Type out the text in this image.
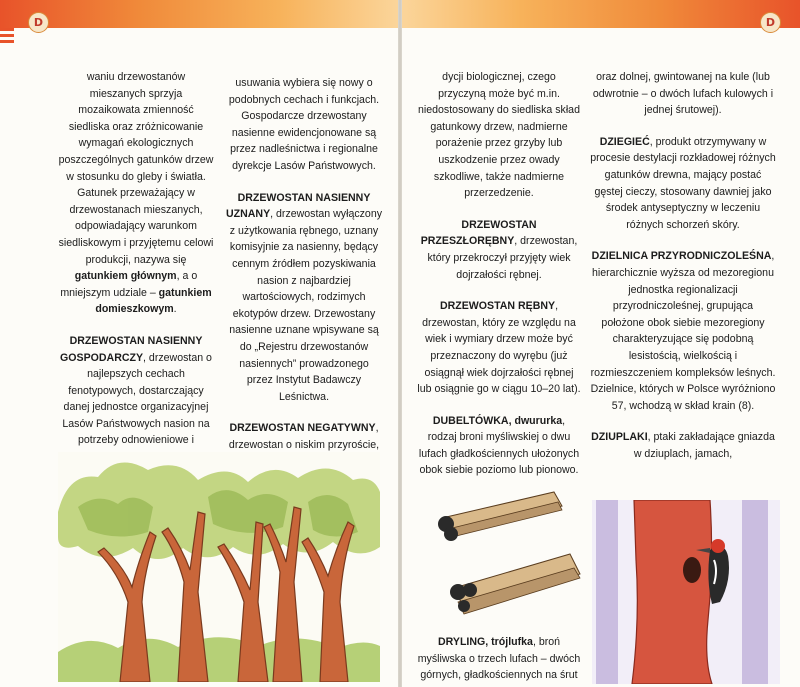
D

waniu drzewostanów mieszanych sprzyja mozaikowata zmienność siedliska oraz zróżnicowanie wymagań ekologicznych poszczególnych gatunków drzew w stosunku do gleby i światła. Gatunek przeważający w drzewostanach mieszanych, odpowiadający warunkom siedliskowym i przyjętemu celowi produkcji, nazywa się gatunkiem głównym, a o mniejszym udziale – gatunkiem domieszkowym.

DRZEWOSTAN NASIENNY GOSPODARCZY, drzewostan o najlepszych cechach fenotypowych, dostarczający danej jednostce organizacyjnej Lasów Państwowych nasion na potrzeby odnowieniowe i

usuwania wybiera się nowy o podobnych cechach i funkcjach. Gospodarcze drzewostany nasienne ewidencjonowane są przez nadleśnictwa i regionalne dyrekcje Lasów Państwowych.

DRZEWOSTAN NASIENNY UZNANY, drzewostan wyłączony z użytkowania rębnego, uznany komisyjnie za nasienny, będący cennym źródłem pozyskiwania nasion z najbardziej wartościowych, rodzimych ekotypów drzew. Drzewostany nasienne uznane wpisywane są do „Rejestru drzewostanów nasiennych” prowadzonego przez Instytut Badawczy Leśnictwa.

DRZEWOSTAN NEGATYWNY, drzewostan o niskim przyroście,

D

dycji biologicznej, czego przyczyną może być m.in. niedostosowany do siedliska skład gatunkowy drzew, nadmierne porażenie przez grzyby lub uszkodzenie przez owady szkodliwe, także nadmierne przerzedzenie.

DRZEWOSTAN PRZESZŁORĘBNY, drzewostan, który przekroczył przyjęty wiek dojrzałości rębnej.

DRZEWOSTAN RĘBNY, drzewostan, który ze względu na wiek i wymiary drzew może być przeznaczony do wyrębu (już osiągnął wiek dojrzałości rębnej lub osiągnie go w ciągu 10–20 lat).

DUBELTÓWKA, dwururka, rodzaj broni myśliwskiej o dwu lufach gładkościennych ułożonych obok siebie poziomo lub pionowo.

DRYLING, trójlufka, broń myśliwska o trzech lufach – dwóch górnych, gładkościennych na śrut

oraz dolnej, gwintowanej na kule (lub odwrotnie – o dwóch lufach kulowych i jednej śrutowej).

DZIEGIEĆ, produkt otrzymywany w procesie destylacji rozkładowej różnych gatunków drewna, mający postać gęstej cieczy, stosowany dawniej jako środek antyseptyczny w leczeniu różnych schorzeń skóry.

DZIELNICA PRZYRODNICZOLEŚNA, hierarchicznie wyższa od mezoregionu jednostka regionalizacji przyrodniczoleśnej, grupująca położone obok siebie mezoregiony charakteryzujące się podobną lesistością, wielkością i rozmieszczeniem kompleksów leśnych. Dzielnice, których w Polsce wyróżniono 57, wchodzą w skład krain (8).

DZIUPLAKI, ptaki zakładające gniazda w dziuplach, jamach,
